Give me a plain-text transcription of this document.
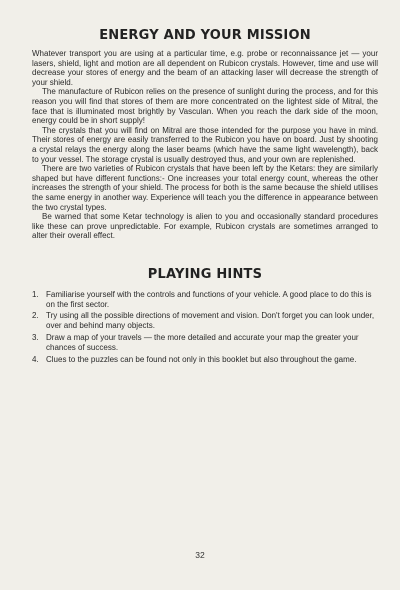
ENERGY AND YOUR MISSION

Whatever transport you are using at a particular time, e.g. probe or reconnaissance jet — your lasers, shield, light and motion are all dependent on Rubicon crystals. However, time and use will decrease your stores of energy and the beam of an attacking laser will decrease the strength of your shield.

The manufacture of Rubicon relies on the presence of sunlight during the process, and for this reason you will find that stores of them are more concentrated on the lightest side of Mitral, the face that is illuminated most brightly by Vasculan. When you reach the dark side of the moon, energy could be in short supply!

The crystals that you will find on Mitral are those intended for the purpose you have in mind. Their stores of energy are easily transferred to the Rubicon you have on board. Just by shooting a crystal relays the energy along the laser beams (which have the same light wavelength), back to your vessel. The storage crystal is usually destroyed thus, and your own are replenished.

There are two varieties of Rubicon crystals that have been left by the Ketars: they are similarly shaped but have different functions:- One increases your total energy count, whereas the other increases the strength of your shield. The process for both is the same because the shield utilises the same energy in another way. Experience will teach you the difference in appearance between the two crystal types.

Be warned that some Ketar technology is alien to you and occasionally standard procedures like these can prove unpredictable. For example, Rubicon crystals are sometimes arranged to alter their overall effect.

PLAYING HINTS
1. Familiarise yourself with the controls and functions of your vehicle. A good place to do this is on the first sector.
2. Try using all the possible directions of movement and vision. Don't forget you can look under, over and behind many objects.
3. Draw a map of your travels — the more detailed and accurate your map the greater your chances of success.
4. Clues to the puzzles can be found not only in this booklet but also throughout the game.
32
